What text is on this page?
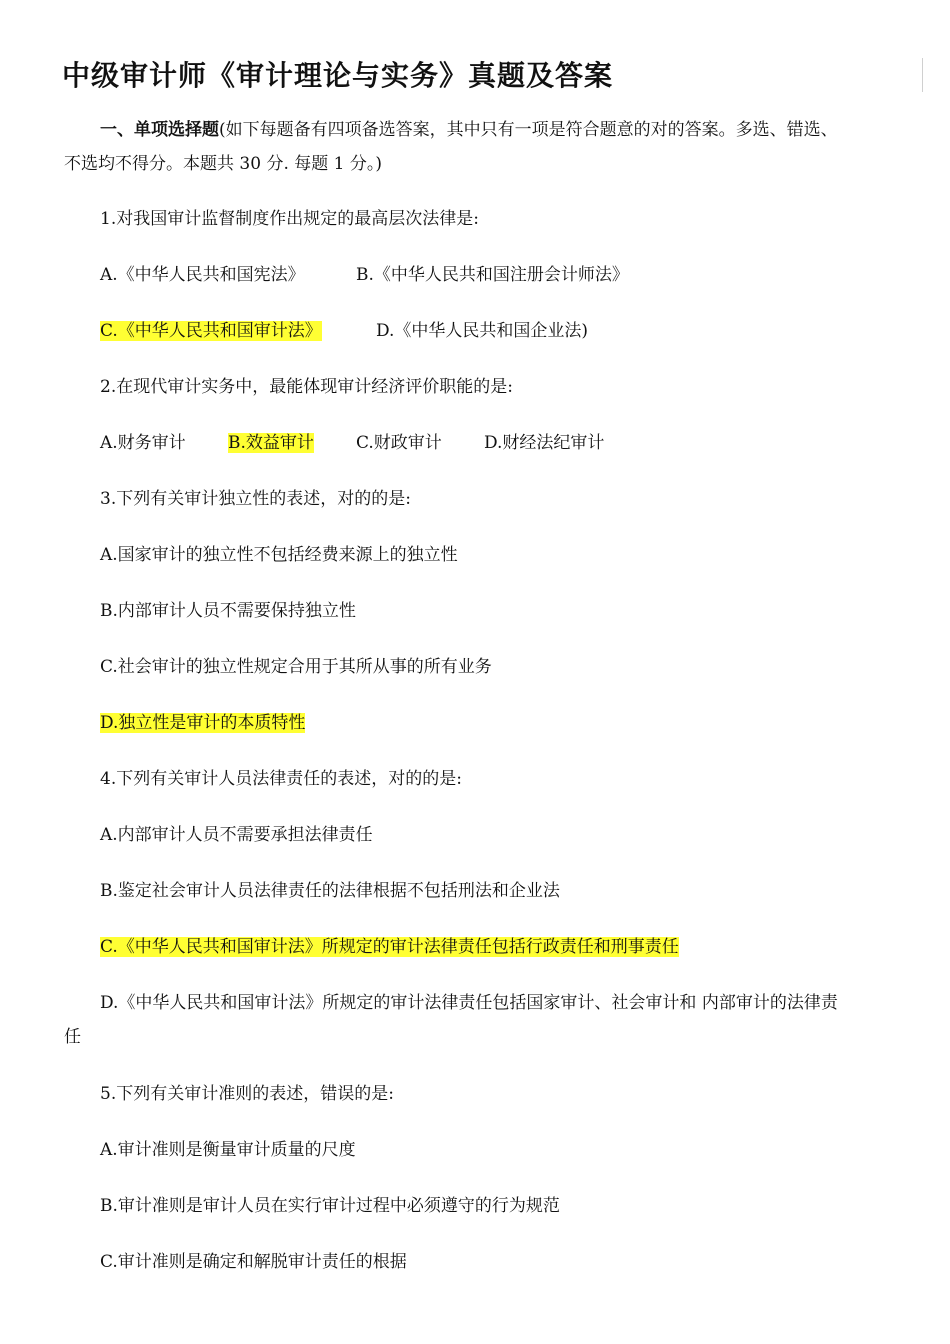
中级审计师《审计理论与实务》真题及答案
一、单项选择题(如下每题备有四项备选答案，其中只有一项是符合题意的对的答案。多选、错选、
不选均不得分。本题共 30 分. 每题 1 分。)
1.对我国审计监督制度作出规定的最高层次法律是:
A.《中华人民共和国宪法》	B.《中华人民共和国注册会计师法》
C.《中华人民共和国审计法》	D.《中华人民共和国企业法)
2.在现代审计实务中，最能体现审计经济评价职能的是:
A.财务审计 B.效益审计 C.财政审计 D.财经法纪审计
3.下列有关审计独立性的表述，对的的是:
A.国家审计的独立性不包括经费来源上的独立性
B.内部审计人员不需要保持独立性
C.社会审计的独立性规定合用于其所从事的所有业务
D.独立性是审计的本质特性
4.下列有关审计人员法律责任的表述，对的的是:
A.内部审计人员不需要承担法律责任
B.鉴定社会审计人员法律责任的法律根据不包括刑法和企业法
C.《中华人民共和国审计法》所规定的审计法律责任包括行政责任和刑事责任
D.《中华人民共和国审计法》所规定的审计法律责任包括国家审计、社会审计和 内部审计的法律责
任
5.下列有关审计准则的表述，错误的是:
A.审计准则是衡量审计质量的尺度
B.审计准则是审计人员在实行审计过程中必须遵守的行为规范
C.审计准则是确定和解脱审计责任的根据
